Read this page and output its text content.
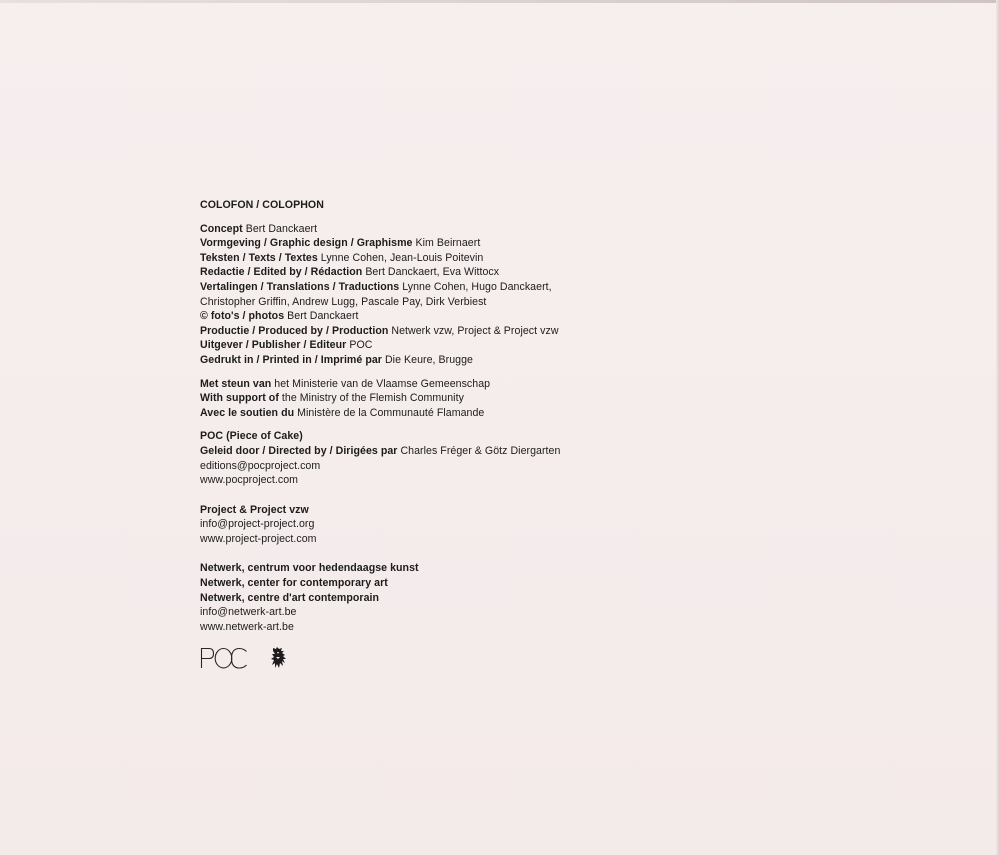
COLOFON / COLOPHON
Concept Bert Danckaert
Vormgeving / Graphic design / Graphisme Kim Beirnaert
Teksten / Texts / Textes Lynne Cohen, Jean-Louis Poitevin
Redactie / Edited by / Rédaction Bert Danckaert, Eva Wittocx
Vertalingen / Translations / Traductions Lynne Cohen, Hugo Danckaert,
Christopher Griffin, Andrew Lugg, Pascale Pay, Dirk Verbiest
© foto's / photos Bert Danckaert
Productie / Produced by / Production Netwerk vzw, Project & Project vzw
Uitgever / Publisher / Editeur POC
Gedrukt in / Printed in / Imprimé par Die Keure, Brugge
Met steun van het Ministerie van de Vlaamse Gemeenschap
With support of the Ministry of the Flemish Community
Avec le soutien du Ministère de la Communauté Flamande
POC (Piece of Cake)
Geleid door / Directed by / Dirigées par Charles Fréger & Götz Diergarten
editions@pocproject.com
www.pocproject.com
Project & Project vzw
info@project-project.org
www.project-project.com
Netwerk, centrum voor hedendaagse kunst
Netwerk, center for contemporary art
Netwerk, centre d'art contemporain
info@netwerk-art.be
www.netwerk-art.be
